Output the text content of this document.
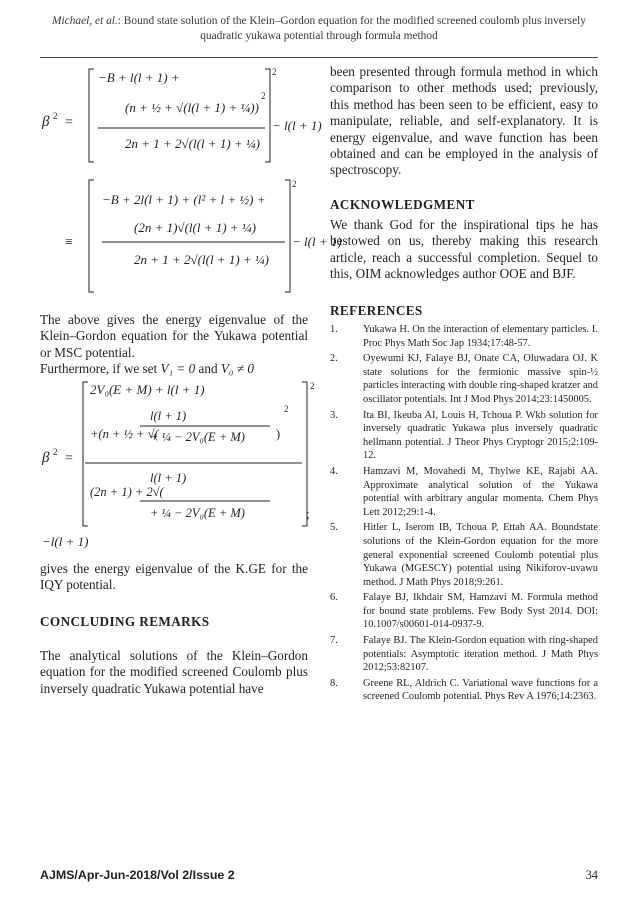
Michael, et al.: Bound state solution of the Klein–Gordon equation for the modified screened coulomb plus inversely quadratic yukawa potential through formula method
β 2 =
−B + l(l + 1) +
(n + ½ + √(l(l + 1) + ¼))
2
2n + 1 + 2√(l(l + 1) + ¼)
2
− l(l + 1)
≡
−B + 2l(l + 1) + (l² + l + ½) +
(2n + 1)√(l(l + 1) + ¼)
2n + 1 + 2√(l(l + 1) + ¼)
2
− l(l + 1)

The above gives the energy eigenvalue of the Klein–Gordon equation for the Yukawa potential or MSC potential.

Furthermore, if we set V₁ = 0 and V₀ ≠ 0

β 2 =
2V₀(E + M) + l(l + 1)
+(n + ½ + √(
l(l + 1)
+ ¼ − 2V₀(E + M) )
2
(2n + 1) + 2√(
l(l + 1)
+ ¼ − 2V₀(E + M)
2
;
−l(l + 1)

gives the energy eigenvalue of the K.GE for the IQY potential.

CONCLUDING REMARKS

The analytical solutions of the Klein–Gordon equation for the modified screened Coulomb plus inversely quadratic Yukawa potential have

been presented through formula method in which comparison to other methods used; previously, this method has been seen to be efficient, easy to manipulate, reliable, and self-explanatory. It is energy eigenvalue, and wave function has been obtained and can be employed in the analysis of spectroscopy.

ACKNOWLEDGMENT

We thank God for the inspirational tips he has bestowed on us, thereby making this research article, reach a successful completion. Sequel to this, OIM acknowledges author OOE and BJF.

REFERENCES
1.	Yukawa H. On the interaction of elementary particles. I. Proc Phys Math Soc Jap 1934;17:48-57.
2.	Oyewumi KJ, Falaye BJ, Onate CA, Oluwadara OJ. K state solutions for the fermionic massive spin-½ particles interacting with double ring-shaped kratzer and oscillator potentials. Int J Mod Phys 2014;23:1450005.
3.	Ita BI, Ikeuba AI, Louis H, Tchoua P. Wkb solution for inversely quadratic Yukawa plus inversely quadratic hellmann potential. J Theor Phys Cryptogr 2015;2:109-12.
4.	Hamzavi M, Movahedi M, Thylwe KE, Rajabi AA. Approximate analytical solution of the Yukawa potential with arbitrary angular momenta. Chem Phys Lett 2012;29:1-4.
5.	Hitler L, Iserom IB, Tchoua P, Ettah AA. Boundstate solutions of the Klein-Gordon equation for the more general exponential screened Coulomb potential plus Yukawa (MGESCY) potential using Nikiforov-uvawu method. J Math Phys 2018;9:261.
6.	Falaye BJ, Ikhdair SM, Hamzavi M. Formula method for bound state problems. Few Body Syst 2014. DOI: 10.1007/s00601-014-0937-9.
7.	Falaye BJ. The Klein-Gordon equation with ring-shaped potentials: Asymptotic iteration method. J Math Phys 2012;53:82107.
8.	Greene RL, Aldrich C. Variational wave functions for a screened Coulomb potential. Phys Rev A 1976;14:2363.
AJMS/Apr-Jun-2018/Vol 2/Issue 2	34
